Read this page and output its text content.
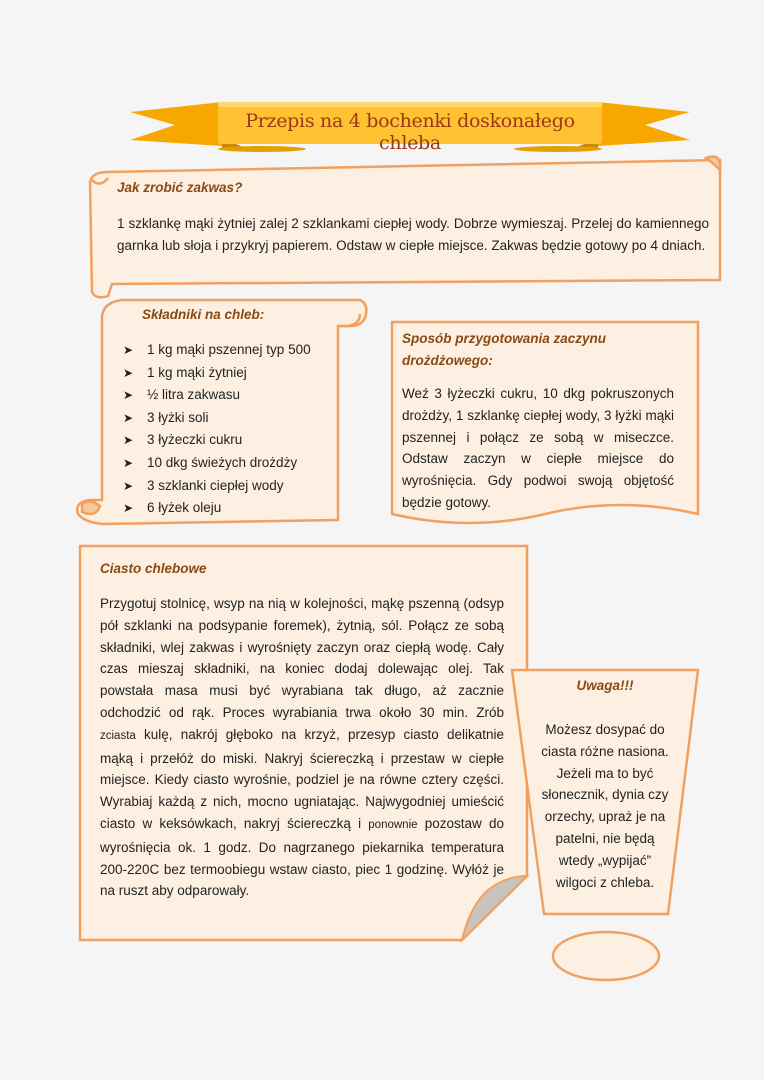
Przepis na 4 bochenki doskonałego chleba
Jak zrobić zakwas?
1 szklankę mąki żytniej zalej 2 szklankami ciepłej wody. Dobrze wymieszaj. Przelej do kamiennego garnka lub słoja i przykryj papierem. Odstaw w ciepłe miejsce. Zakwas będzie gotowy po 4 dniach.
Składniki na chleb:
➤ 1 kg mąki pszennej typ 500
➤ 1 kg mąki żytniej
➤ ½ litra zakwasu
➤ 3 łyżki soli
➤ 3 łyżeczki cukru
➤ 10 dkg świeżych drożdży
➤ 3 szklanki ciepłej wody
➤ 6 łyżek oleju
Sposób przygotowania zaczynu
drożdżowego:
Weź 3 łyżeczki cukru, 10 dkg pokruszonych drożdży, 1 szklankę ciepłej wody, 3 łyżki mąki pszennej i połącz ze sobą w miseczce. Odstaw zaczyn w ciepłe miejsce do wyrośnięcia. Gdy podwoi swoją objętość będzie gotowy.
Ciasto chlebowe
Przygotuj stolnicę, wsyp na nią w kolejności, mąkę pszenną (odsyp pół szklanki na podsypanie foremek), żytnią, sól. Połącz ze sobą składniki, wlej zakwas i wyrośnięty zaczyn oraz ciepłą wodę. Cały czas mieszaj składniki, na koniec dodaj dolewając olej. Tak powstała masa musi być wyrabiana tak długo, aż zacznie odchodzić od rąk. Proces wyrabiania trwa około 30 min. Zrób zciasta kulę, nakrój głęboko na krzyż, przesyp ciasto delikatnie mąką i przełóż do miski. Nakryj ściereczką i przestaw w ciepłe miejsce. Kiedy ciasto wyrośnie, podziel je na równe cztery części. Wyrabiaj każdą z nich, mocno ugniatając. Najwygodniej umieścić ciasto w keksówkach, nakryj ściereczką i ponownie pozostaw do wyrośnięcia ok. 1 godz. Do nagrzanego piekarnika temperatura 200-220C bez termoobiegu wstaw ciasto, piec 1 godzinę. Wyłóż je na ruszt aby odparowały.
Uwaga!!!
Możesz dosypać do
ciasta różne nasiona.
Jeżeli ma to być
słonecznik, dynia czy
orzechy, upraż je na
patelni, nie będą
wtedy „wypijać”
wilgoci z chleba.
